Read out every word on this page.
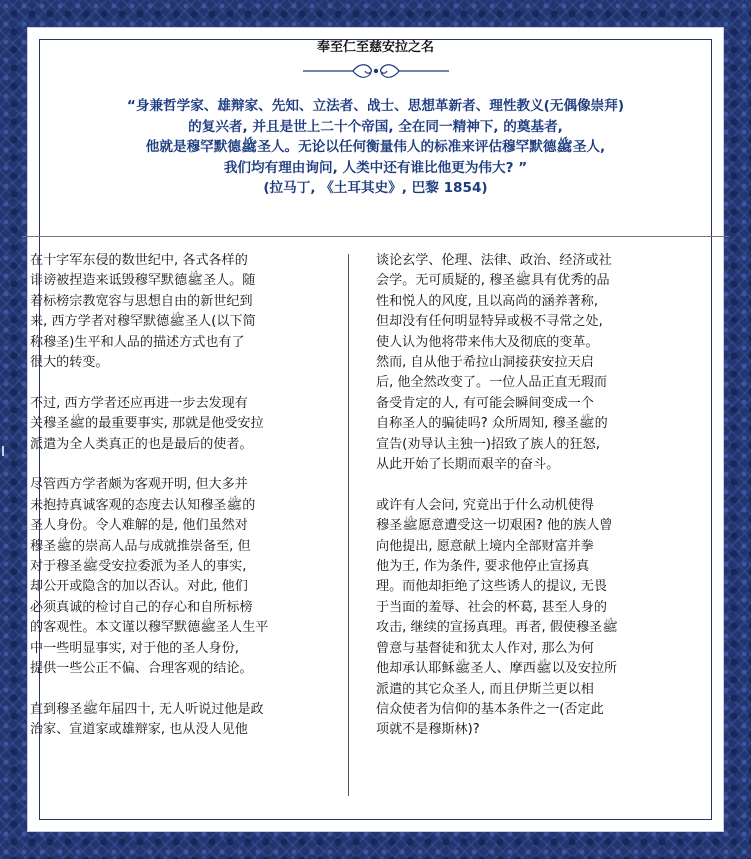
奉至仁至慈安拉之名
“身兼哲学家、雄辩家、先知、立法者、战士、思想革新者、理性教义(无偶像崇拜)
的复兴者, 并且是世上二十个帝国, 全在同一精神下, 的奠基者,
他就是穆罕默德ﷺ圣人。无论以任何衡量伟人的标准来评估穆罕默德ﷺ圣人,
我们均有理由询问, 人类中还有谁比他更为伟大? ”
(拉马丁, 《土耳其史》, 巴黎 1854)

在十字军东侵的数世纪中, 各式各样的
诽谤被捏造来诋毁穆罕默德ﷺ圣人。随
着标榜宗教宽容与思想自由的新世纪到
来, 西方学者对穆罕默德ﷺ圣人(以下简
称穆圣)生平和人品的描述方式也有了
很大的转变。

不过, 西方学者还应再进一步去发现有
关穆圣ﷺ的最重要事实, 那就是他受安拉
派遣为全人类真正的也是最后的使者。

尽管西方学者颇为客观开明, 但大多并
未抱持真诚客观的态度去认知穆圣ﷺ的
圣人身份。令人难解的是, 他们虽然对
穆圣ﷺ的崇高人品与成就推崇备至, 但
对于穆圣ﷺ受安拉委派为圣人的事实,
却公开或隐含的加以否认。对此, 他们
必须真诚的检讨自己的存心和自所标榜
的客观性。本文谨以穆罕默德ﷺ圣人生平
中一些明显事实, 对于他的圣人身份,
提供一些公正不偏、合理客观的结论。

直到穆圣ﷺ年届四十, 无人听说过他是政
治家、宣道家或雄辩家, 也从没人见他

谈论玄学、伦理、法律、政治、经济或社
会学。无可质疑的, 穆圣ﷺ具有优秀的品
性和悦人的风度, 且以高尚的涵养著称,
但却没有任何明显特异或极不寻常之处,
使人认为他将带来伟大及彻底的变革。
然而, 自从他于希拉山洞接获安拉天启
后, 他全然改变了。一位人品正直无瑕而
备受肯定的人, 有可能会瞬间变成一个
自称圣人的骗徒吗? 众所周知, 穆圣ﷺ的
宣告(劝导认主独一)招致了族人的狂怒,
从此开始了长期而艰辛的奋斗。

或许有人会问, 究竟出于什么动机使得
穆圣ﷺ愿意遭受这一切艰困? 他的族人曾
向他提出, 愿意献上境内全部财富并拳
他为王, 作为条件, 要求他停止宣扬真
理。而他却拒绝了这些诱人的提议, 无畏
于当面的羞辱、社会的杯葛, 甚至人身的
攻击, 继续的宣扬真理。再者, 假使穆圣ﷺ
曾意与基督徒和犹太人作对, 那么为何
他却承认耶稣ﷺ圣人、摩西ﷺ以及安拉所
派遣的其它众圣人, 而且伊斯兰更以相
信众使者为信仰的基本条件之一(否定此
项就不是穆斯林)?
